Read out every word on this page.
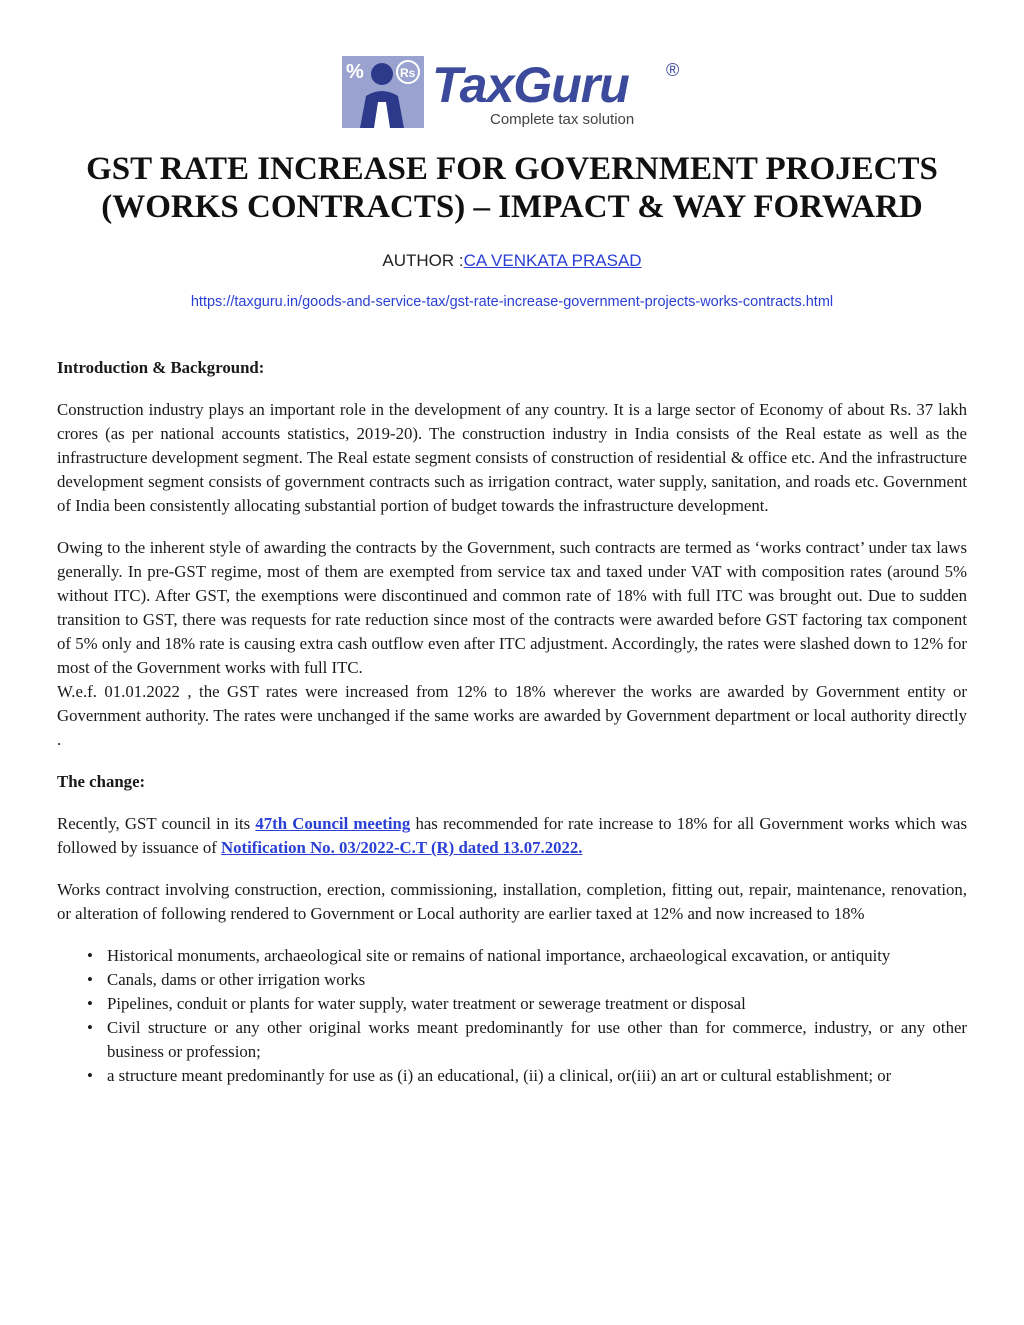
%	Rs TaxGuru ®
Complete tax solution
GST RATE INCREASE FOR GOVERNMENT PROJECTS (WORKS CONTRACTS) – IMPACT & WAY FORWARD
AUTHOR :CA VENKATA PRASAD
https://taxguru.in/goods-and-service-tax/gst-rate-increase-government-projects-works-contracts.html

Introduction & Background:

Construction industry plays an important role in the development of any country. It is a large sector of Economy of about Rs. 37 lakh crores (as per national accounts statistics, 2019-20). The construction industry in India consists of the Real estate as well as the infrastructure development segment. The Real estate segment consists of construction of residential & office etc. And the infrastructure development segment consists of government contracts such as irrigation contract, water supply, sanitation, and roads etc. Government of India been consistently allocating substantial portion of budget towards the infrastructure development.

Owing to the inherent style of awarding the contracts by the Government, such contracts are termed as ‘works contract’ under tax laws generally. In pre-GST regime, most of them are exempted from service tax and taxed under VAT with composition rates (around 5% without ITC). After GST, the exemptions were discontinued and common rate of 18% with full ITC was brought out. Due to sudden transition to GST, there was requests for rate reduction since most of the contracts were awarded before GST factoring tax component of 5% only and 18% rate is causing extra cash outflow even after ITC adjustment. Accordingly, the rates were slashed down to 12% for most of the Government works with full ITC.

W.e.f. 01.01.2022 , the GST rates were increased from 12% to 18% wherever the works are awarded by Government entity or Government authority. The rates were unchanged if the same works are awarded by Government department or local authority directly .

The change:

Recently, GST council in its 47th Council meeting has recommended for rate increase to 18% for all Government works which was followed by issuance of Notification No. 03/2022-C.T (R) dated 13.07.2022.

Works contract involving construction, erection, commissioning, installation, completion, fitting out, repair, maintenance, renovation, or alteration of following rendered to Government or Local authority are earlier taxed at 12% and now increased to 18%

• Historical monuments, archaeological site or remains of national importance, archaeological excavation, or antiquity
• Canals, dams or other irrigation works
• Pipelines, conduit or plants for water supply, water treatment or sewerage treatment or disposal
• Civil structure or any other original works meant predominantly for use other than for commerce, industry, or any other business or profession;
• a structure meant predominantly for use as (i) an educational, (ii) a clinical, or(iii) an art or cultural establishment; or
